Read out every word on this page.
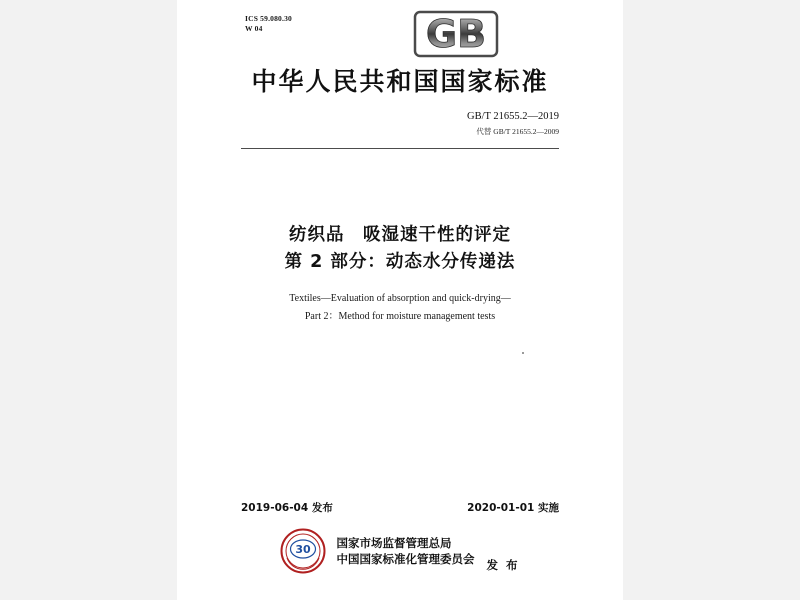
ICS 59.080.30
W 04	GB
中华人民共和国国家标准
GB/T 21655.2—2019
代替 GB/T 21655.2—2009
纺织品　吸湿速干性的评定
第 2 部分：动态水分传递法
Textiles—Evaluation of absorption and quick-drying—
Part 2：Method for moisture management tests
2019-06-04 发布	2020-01-01 实施
30 国家市场监督管理总局
中国国家标准化管理委员会 发 布
